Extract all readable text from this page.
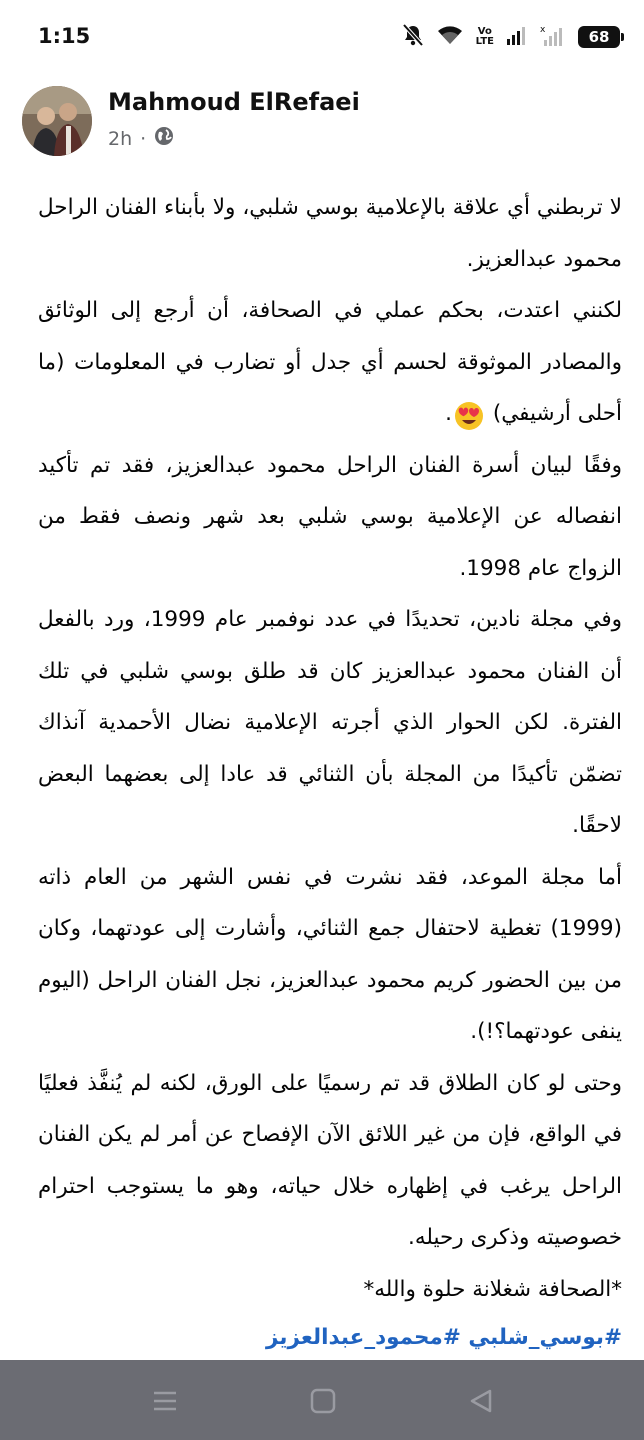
1:15	Vo
LTE
x	68
Mahmoud ElRefaei
2h ·

لا تربطني أي علاقة بالإعلامية بوسي شلبي، ولا بأبناء الفنان الراحل محمود عبدالعزيز.

لكنني اعتدت، بحكم عملي في الصحافة، أن أرجع إلى الوثائق والمصادر الموثوقة لحسم أي جدل أو تضارب في المعلومات (ما أحلى أرشيفي) .

وفقًا لبيان أسرة الفنان الراحل محمود عبدالعزيز، فقد تم تأكيد انفصاله عن الإعلامية بوسي شلبي بعد شهر ونصف فقط من الزواج عام 1998.

وفي مجلة نادين، تحديدًا في عدد نوفمبر عام 1999، ورد بالفعل أن الفنان محمود عبدالعزيز كان قد طلق بوسي شلبي في تلك الفترة. لكن الحوار الذي أجرته الإعلامية نضال الأحمدية آنذاك تضمّن تأكيدًا من المجلة بأن الثنائي قد عادا إلى بعضهما البعض لاحقًا.

أما مجلة الموعد، فقد نشرت في نفس الشهر من العام ذاته (1999) تغطية لاحتفال جمع الثنائي، وأشارت إلى عودتهما، وكان من بين الحضور كريم محمود عبدالعزيز، نجل الفنان الراحل (اليوم ينفى عودتهما؟!).

وحتى لو كان الطلاق قد تم رسميًا على الورق، لكنه لم يُنفَّذ فعليًا في الواقع، فإن من غير اللائق الآن الإفصاح عن أمر لم يكن الفنان الراحل يرغب في إظهاره خلال حياته، وهو ما يستوجب احترام خصوصيته وذكرى رحيله.

*الصحافة شغلانة حلوة والله*

#بوسي_شلبي #محمود_عبدالعزيز
